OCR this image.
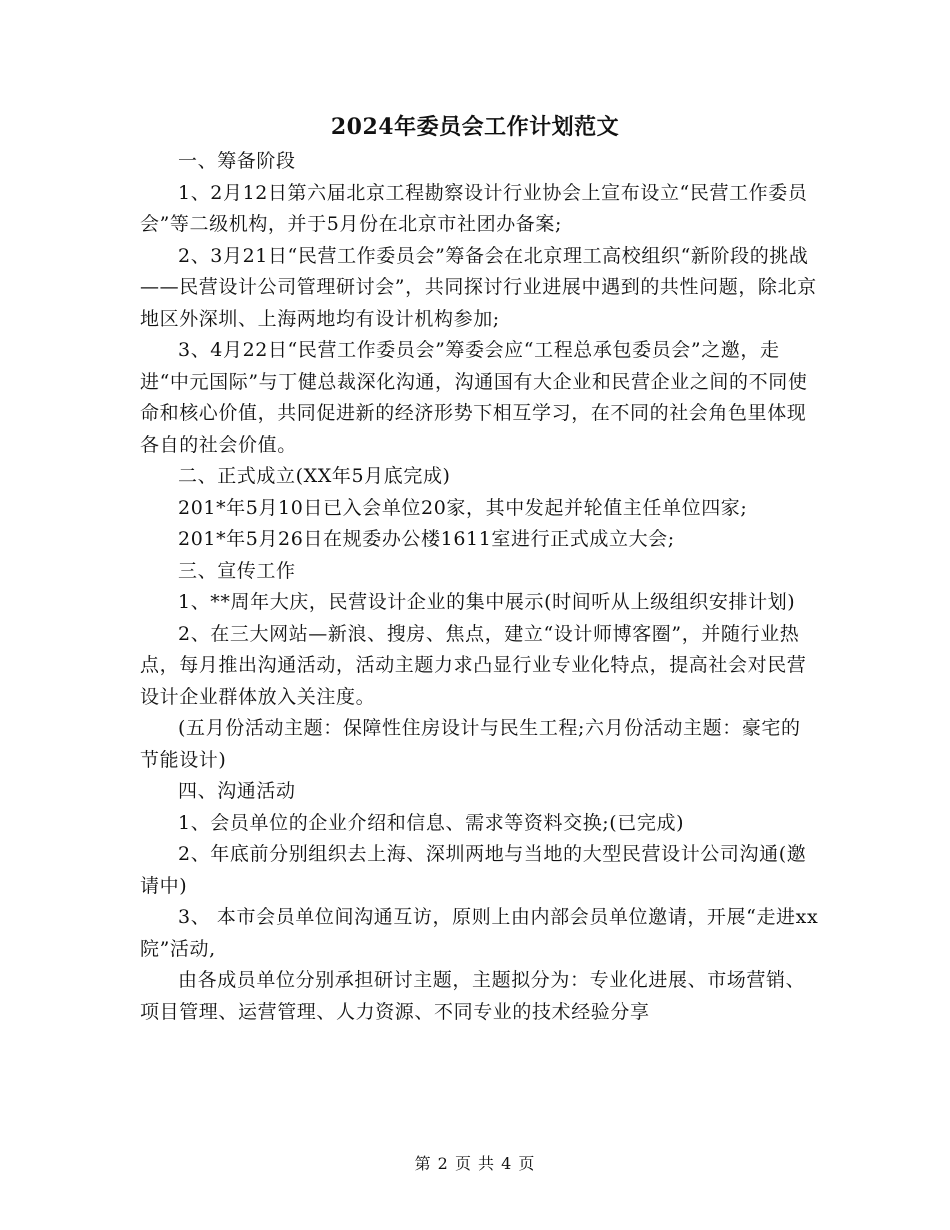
2024年委员会工作计划范文

一、筹备阶段

1、2月12日第六届北京工程勘察设计行业协会上宣布设立“民营工作委员会”等二级机构，并于5月份在北京市社团办备案;

2、3月21日“民营工作委员会”筹备会在北京理工高校组织“新阶段的挑战——民营设计公司管理研讨会”，共同探讨行业进展中遇到的共性问题，除北京地区外深圳、上海两地均有设计机构参加;

3、4月22日“民营工作委员会”筹委会应“工程总承包委员会”之邀，走进“中元国际”与丁健总裁深化沟通，沟通国有大企业和民营企业之间的不同使命和核心价值，共同促进新的经济形势下相互学习，在不同的社会角色里体现各自的社会价值。

二、正式成立(XX年5月底完成)

201*年5月10日已入会单位20家，其中发起并轮值主任单位四家;

201*年5月26日在规委办公楼1611室进行正式成立大会;

三、宣传工作

1、**周年大庆，民营设计企业的集中展示(时间听从上级组织安排计划)

2、在三大网站—新浪、搜房、焦点，建立“设计师博客圈”，并随行业热点，每月推出沟通活动，活动主题力求凸显行业专业化特点，提高社会对民营设计企业群体放入关注度。

(五月份活动主题：保障性住房设计与民生工程;六月份活动主题：豪宅的节能设计)

四、沟通活动

1、会员单位的企业介绍和信息、需求等资料交换;(已完成)

2、年底前分别组织去上海、深圳两地与当地的大型民营设计公司沟通(邀请中)

3、 本市会员单位间沟通互访，原则上由内部会员单位邀请，开展“走进xx院”活动,

由各成员单位分别承担研讨主题，主题拟分为：专业化进展、市场营销、项目管理、运营管理、人力资源、不同专业的技术经验分享

第 2 页 共 4 页
